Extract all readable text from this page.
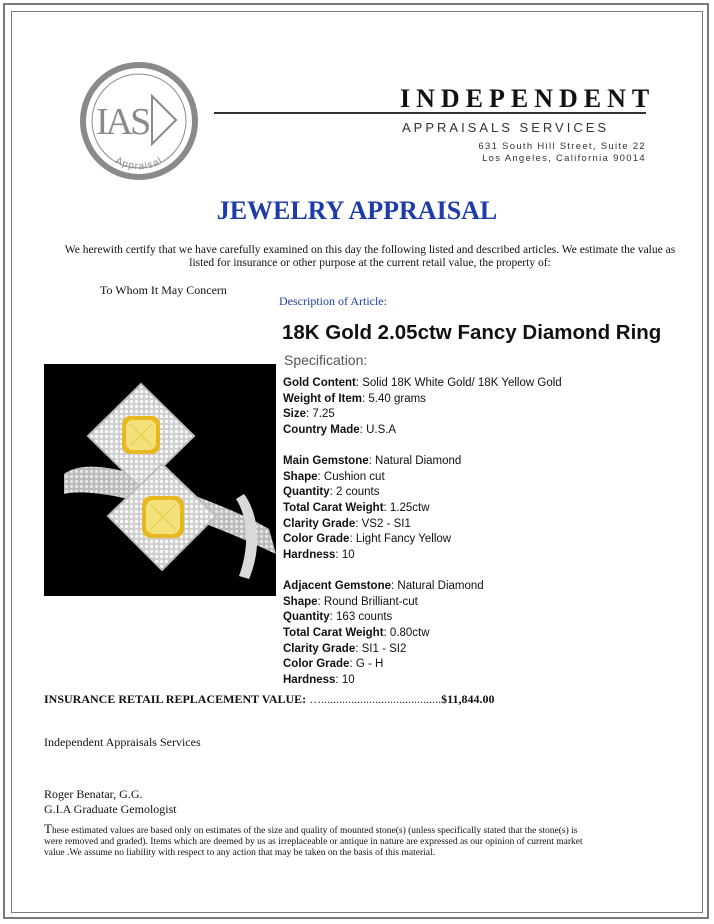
IAS
Appraisal
INDEPENDENT
APPRAISALS SERVICES
631 South Hill Street, Suite 22
Los Angeles, California 90014
JEWELRY APPRAISAL
We herewith certify that we have carefully examined on this day the following listed and described articles. We estimate the value as listed for insurance or other purpose at the current retail value, the property of:
To Whom It May Concern
Description of Article:
18K Gold 2.05ctw Fancy Diamond Ring
Specification:
Gold Content: Solid 18K White Gold/ 18K Yellow Gold
Weight of Item: 5.40 grams
Size: 7.25
Country Made: U.S.A
Main Gemstone: Natural Diamond
Shape: Cushion cut
Quantity: 2 counts
Total Carat Weight: 1.25ctw
Clarity Grade: VS2 - SI1
Color Grade: Light Fancy Yellow
Hardness: 10
Adjacent Gemstone: Natural Diamond
Shape: Round Brilliant-cut
Quantity: 163 counts
Total Carat Weight: 0.80ctw
Clarity Grade: SI1 - SI2
Color Grade: G - H
Hardness: 10
INSURANCE RETAIL REPLACEMENT VALUE: …........................................$11,844.00
Independent Appraisals Services
Roger Benatar, G.G.
G.I.A Graduate Gemologist
These estimated values are based only on estimates of the size and quality of mounted stone(s) (unless specifically stated that the stone(s) is were removed and graded). Items which are deemed by us as irreplaceable or antique in nature are expressed as our opinion of current market value .We assume no liability with respect to any action that may be taken on the basis of this material.
